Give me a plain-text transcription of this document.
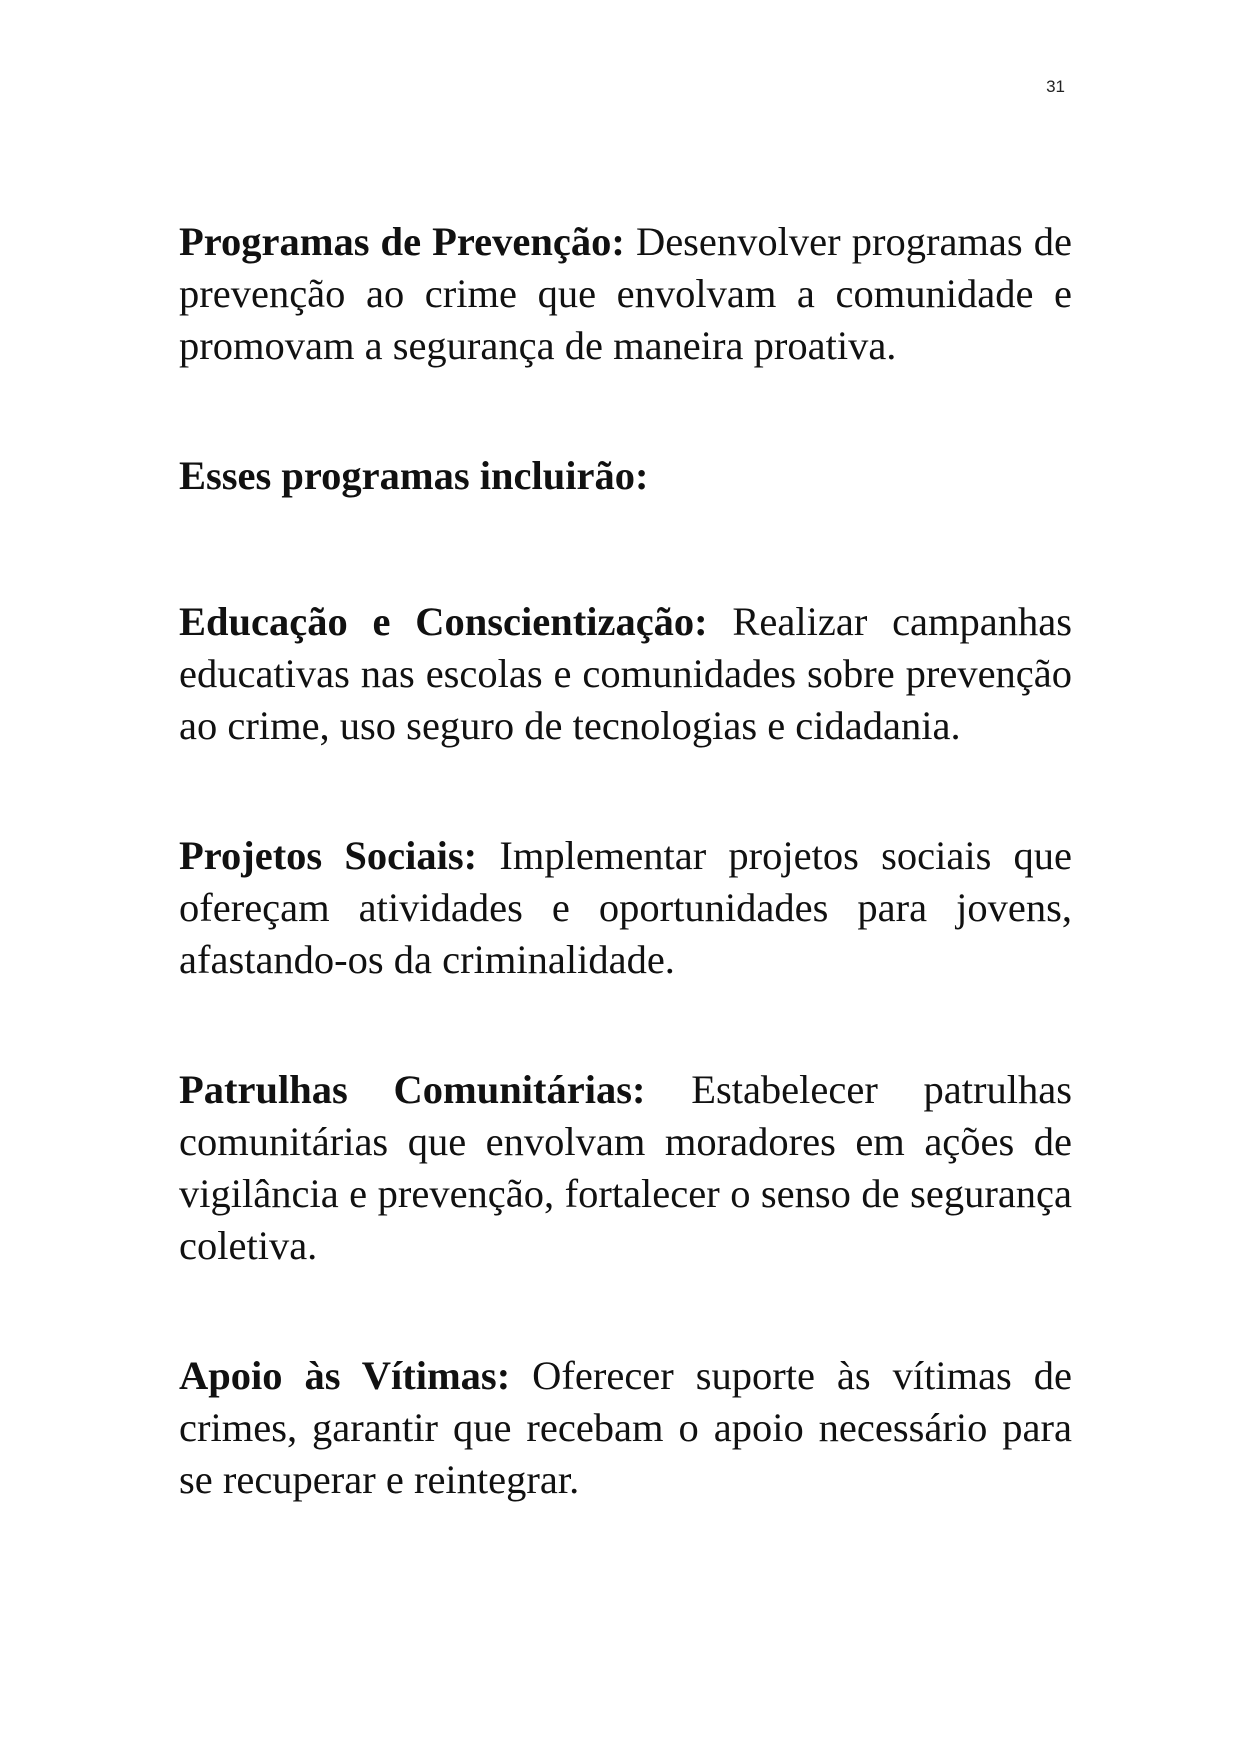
31

Programas de Prevenção: Desenvolver programas de prevenção ao crime que envolvam a comunidade e promovam a segurança de maneira proativa.

Esses programas incluirão:

Educação e Conscientização: Realizar campanhas educativas nas escolas e comunidades sobre prevenção ao crime, uso seguro de tecnologias e cidadania.

Projetos Sociais: Implementar projetos sociais que ofereçam atividades e oportunidades para jovens, afastando-os da criminalidade.

Patrulhas Comunitárias: Estabelecer patrulhas comunitárias que envolvam moradores em ações de vigilância e prevenção, fortalecer o senso de segurança coletiva.

Apoio às Vítimas: Oferecer suporte às vítimas de crimes, garantir que recebam o apoio necessário para se recuperar e reintegrar.
